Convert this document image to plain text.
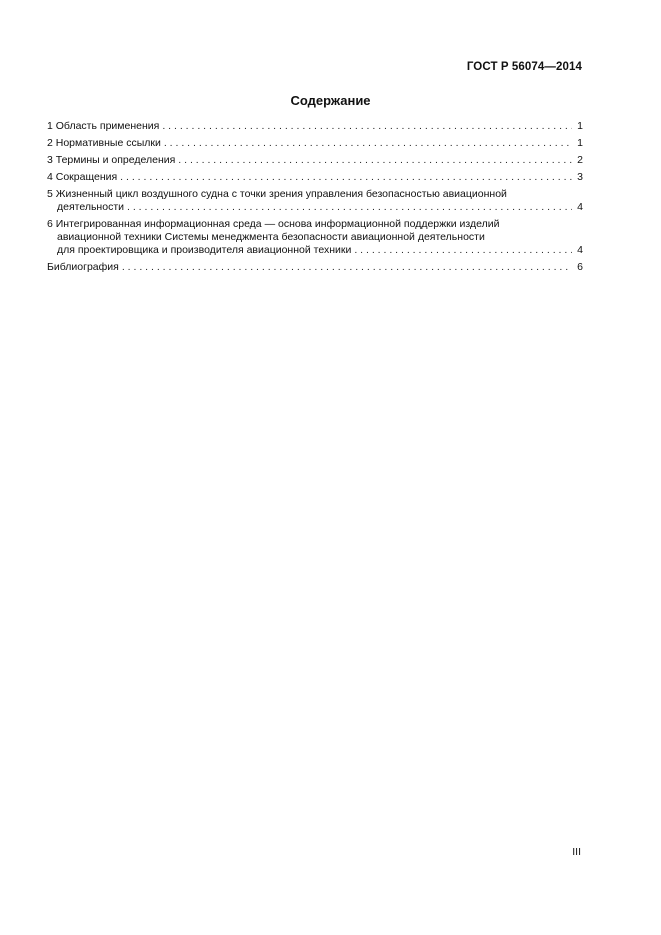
ГОСТ Р 56074—2014
Содержание
1 Область применения . . .	1
2 Нормативные ссылки . . .	1
3 Термины и определения . . .	2
4 Сокращения . . .	3
5 Жизненный цикл воздушного судна с точки зрения управления безопасностью авиационной
деятельности . . .	4
6 Интегрированная информационная среда — основа информационной поддержки изделий
авиационной техники Системы менеджмента безопасности авиационной деятельности
для проектировщика и производителя авиационной техники . . .	4
Библиография . . .	6
III
